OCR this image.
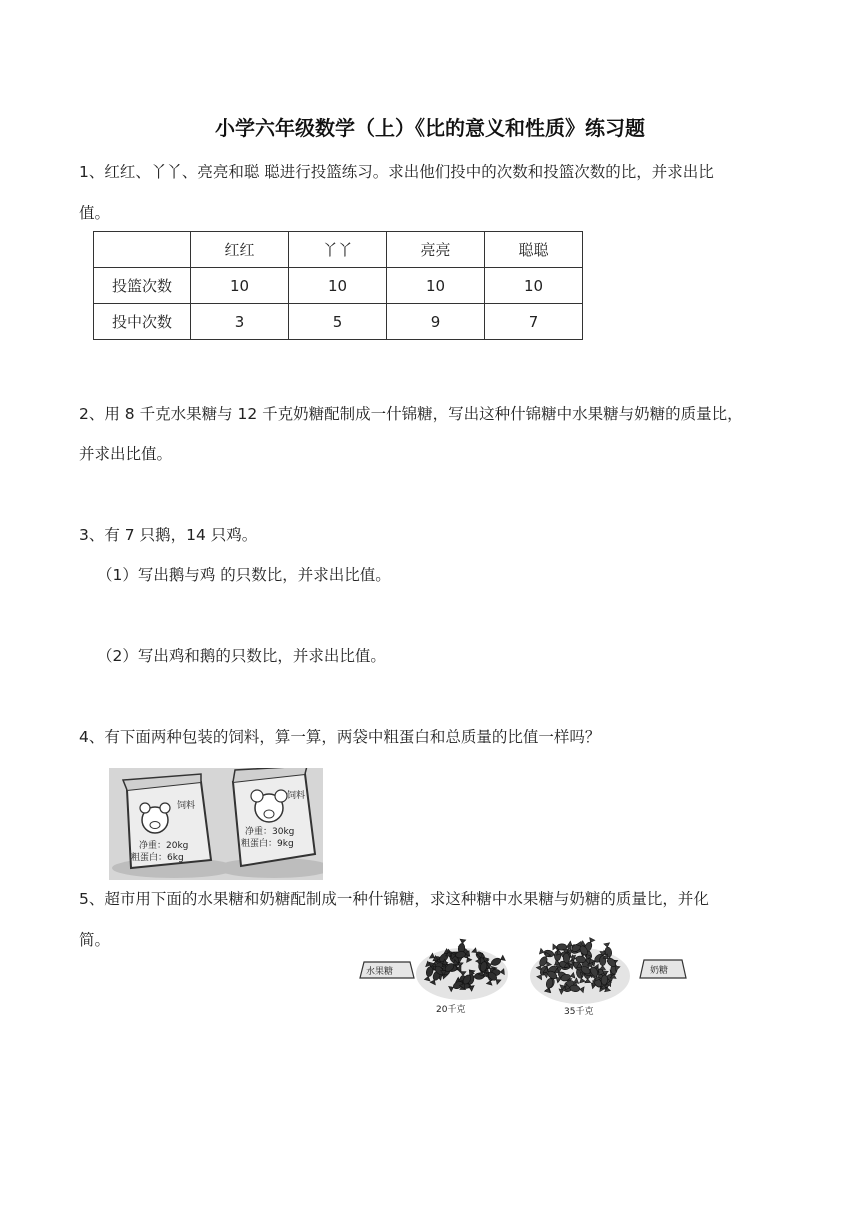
小学六年级数学（上）《比的意义和性质》练习题
1、红红、丫丫、亮亮和聪 聪进行投篮练习。求出他们投中的次数和投篮次数的比，并求出比
值。
	红红	丫丫	亮亮	聪聪
投篮次数	10	10	10	10
投中次数	3	5	9	7
2、用 8 千克水果糖与 12 千克奶糖配制成一什锦糖，写出这种什锦糖中水果糖与奶糖的质量比，
并求出比值。
3、有 7 只鹅，14 只鸡。
（1）写出鹅与鸡 的只数比，并求出比值。
（2）写出鸡和鹅的只数比，并求出比值。
4、有下面两种包装的饲料，算一算，两袋中粗蛋白和总质量的比值一样吗？
饲料
净重：20kg
粗蛋白：6kg
饲料
净重：30kg
粗蛋白：9kg
5、超市用下面的水果糖和奶糖配制成一种什锦糖，求这种糖中水果糖与奶糖的质量比，并化
简。
水果糖
20千克	35千克
奶糖
